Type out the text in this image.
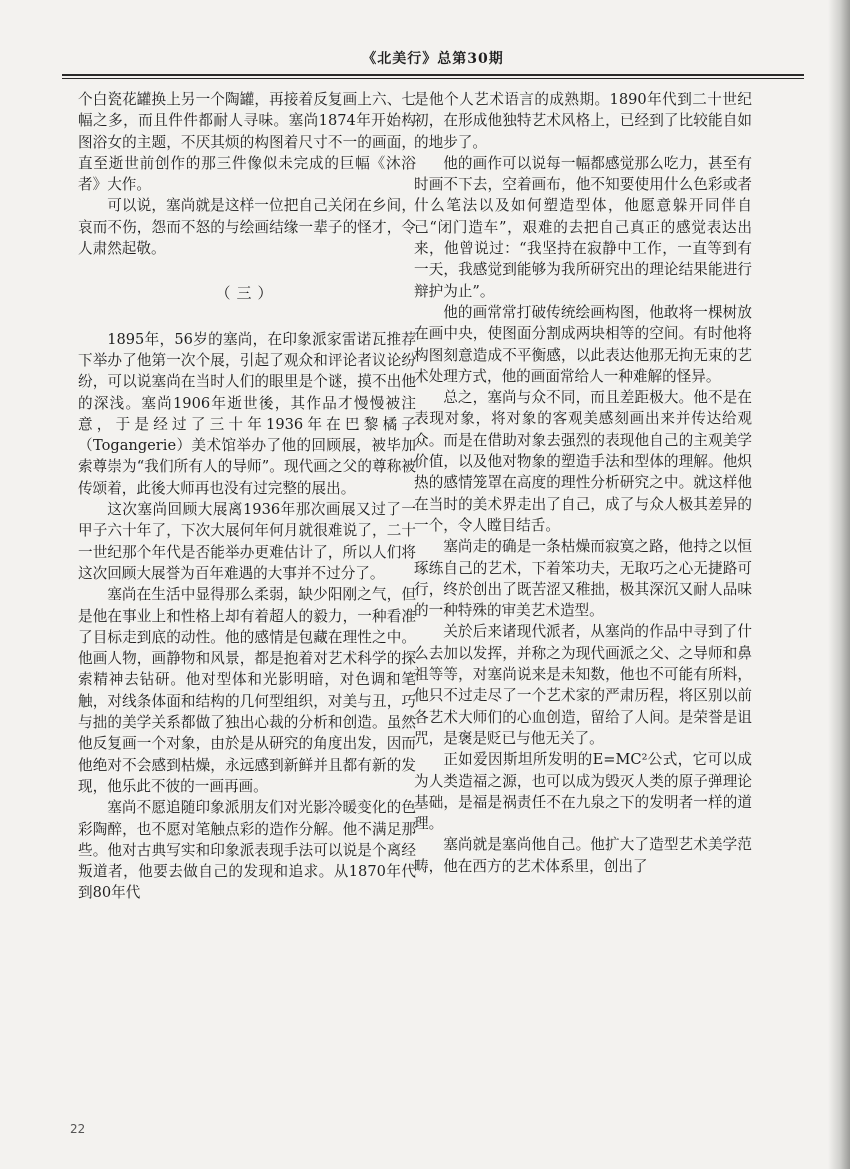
《北美行》总第30期

个白瓷花罐换上另一个陶罐，再接着反复画上六、七幅之多，而且件件都耐人寻味。塞尚1874年开始构图浴女的主题，不厌其烦的构图着尺寸不一的画面，直至逝世前创作的那三件像似未完成的巨幅《沐浴者》大作。

可以说，塞尚就是这样一位把自己关闭在乡间，哀而不伤，怨而不怒的与绘画结缘一辈子的怪才，令人肃然起敬。

（三）

1895年，56岁的塞尚，在印象派家雷诺瓦推荐下举办了他第一次个展，引起了观众和评论者议论纷纷，可以说塞尚在当时人们的眼里是个谜，摸不出他的深浅。塞尚1906年逝世後，其作品才慢慢被注意，于是经过了三十年1936年在巴黎橘子（Togangerie）美术馆举办了他的回顾展，被毕加索尊崇为“我们所有人的导师”。现代画之父的尊称被传颂着，此後大师再也没有过完整的展出。

这次塞尚回顾大展离1936年那次画展又过了一甲子六十年了，下次大展何年何月就很难说了，二十一世纪那个年代是否能举办更难估计了，所以人们将这次回顾大展誉为百年难遇的大事并不过分了。

塞尚在生活中显得那么柔弱，缺少阳刚之气，但是他在事业上和性格上却有着超人的毅力，一种看准了目标走到底的动性。他的感情是包藏在理性之中。他画人物，画静物和风景，都是抱着对艺术科学的探索精神去钻研。他对型体和光影明暗，对色调和笔触，对线条体面和结构的几何型组织，对美与丑，巧与拙的美学关系都做了独出心裁的分析和创造。虽然他反复画一个对象，由於是从研究的角度出发，因而他绝对不会感到枯燥，永远感到新鲜并且都有新的发现，他乐此不彼的一画再画。

塞尚不愿追随印象派朋友们对光影冷暖变化的色彩陶醉，也不愿对笔触点彩的造作分解。他不满足那些。他对古典写实和印象派表现手法可以说是个离经叛道者，他要去做自己的发现和追求。从1870年代到80年代

是他个人艺术语言的成熟期。1890年代到二十世纪初，在形成他独特艺术风格上，已经到了比较能自如的地步了。

他的画作可以说每一幅都感觉那么吃力，甚至有时画不下去，空着画布，他不知要使用什么色彩或者什么笔法以及如何塑造型体，他愿意躲开同伴自己“闭门造车”，艰难的去把自己真正的感觉表达出来，他曾说过：“我坚持在寂静中工作，一直等到有一天，我感觉到能够为我所研究出的理论结果能进行辩护为止”。

他的画常常打破传统绘画构图，他敢将一棵树放在画中央，使图面分割成两块相等的空间。有时他将构图刻意造成不平衡感，以此表达他那无拘无束的艺术处理方式，他的画面常给人一种难解的怪异。

总之，塞尚与众不同，而且差距极大。他不是在表现对象，将对象的客观美感刻画出来并传达给观众。而是在借助对象去强烈的表现他自己的主观美学价值，以及他对物象的塑造手法和型体的理解。他炽热的感情笼罩在高度的理性分析研究之中。就这样他在当时的美术界走出了自己，成了与众人极其差异的一个，令人瞠目结舌。

塞尚走的确是一条枯燥而寂寞之路，他持之以恒琢练自己的艺术，下着笨功夫，无取巧之心无捷路可行，终於创出了既苦涩又稚拙，极其深沉又耐人品味的一种特殊的审美艺术造型。

关於后来诸现代派者，从塞尚的作品中寻到了什么去加以发挥，并称之为现代画派之父、之导师和鼻祖等等，对塞尚说来是未知数，他也不可能有所料，他只不过走尽了一个艺术家的严肃历程，将区别以前各艺术大师们的心血创造，留给了人间。是荣誉是诅咒，是褒是贬已与他无关了。

正如爱因斯坦所发明的E=MC²公式，它可以成为人类造福之源，也可以成为毁灭人类的原子弹理论基础，是福是祸责任不在九泉之下的发明者一样的道理。

塞尚就是塞尚他自己。他扩大了造型艺术美学范畴，他在西方的艺术体系里，创出了

22
